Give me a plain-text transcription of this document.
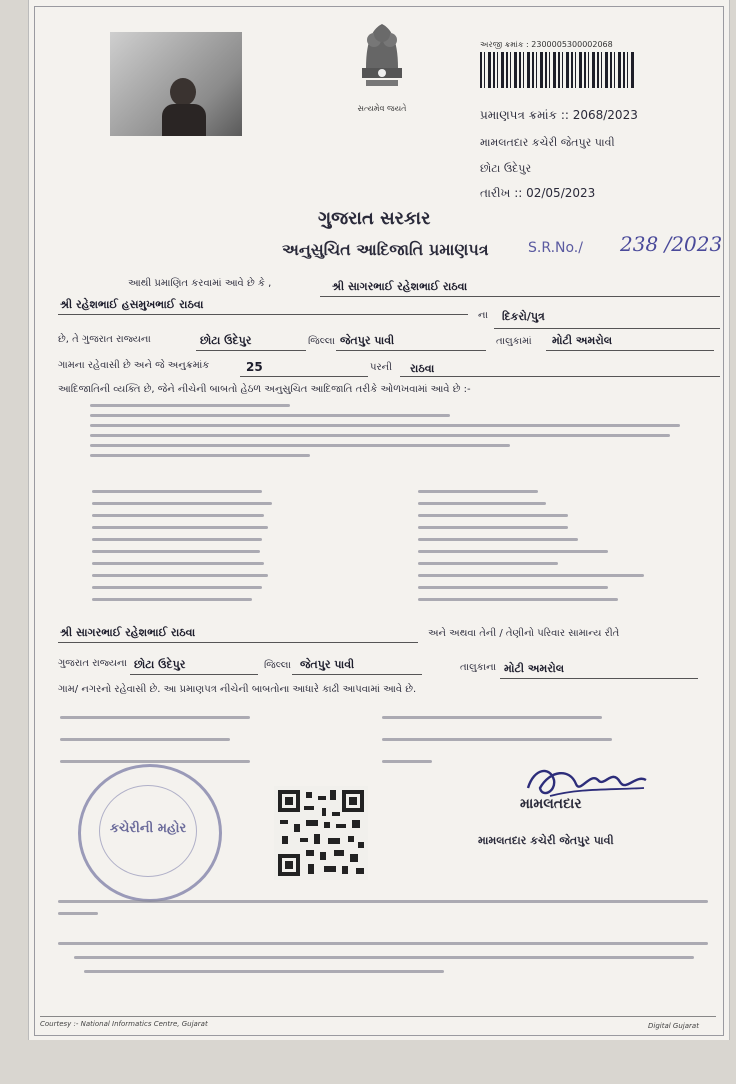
સત્યમેવ જયતે
અરજી ક્રમાંક : 2300005300002068
પ્રમાણપત્ર ક્રમાંક :: 2068/2023
મામલતદાર કચેરી જેતપુર પાવી
છોટા ઉદેપુર
તારીખ :: 02/05/2023
ગુજરાત સરકાર
અનુસુચિત આદિજાતિ પ્રમાણપત્ર	S.R.No./ 238 /2023
આથી પ્રમાણિત કરવામાં આવે છે કે ,	શ્રી સાગરભાઈ રહેશભાઈ રાઠવા
શ્રી રહેશભાઈ હસમુખભાઈ રાઠવા
ના દિકરો/પુત્ર
છે, તે ગુજરાત રાજ્યના	છોટા ઉદેપુર	જિલ્લા જેતપુર પાવી	તાલુકામાં મોટી અમરોલ
ગામના રહેવાસી છે અને જે અનુક્રમાંક	25	પરની રાઠવા
આદિજાતિની વ્યક્તિ છે, જેને નીચેની બાબતો હેઠળ અનુસુચિત આદિજાતિ તરીકે ઓળખવામાં આવે છે :-
શ્રી સાગરભાઈ રહેશભાઈ રાઠવા	અને અથવા તેની / તેણીનો પરિવાર સામાન્ય રીતે
ગુજરાત રાજ્યના છોટા ઉદેપુર	જિલ્લા જેતપુર પાવી	તાલુકાના મોટી અમરોલ
ગામ/ નગરનો રહેવાસી છે. આ પ્રમાણપત્ર નીચેની બાબતોના આધારે કાઢી આપવામાં આવે છે.
કચેરીની મહોર
મામલતદાર
મામલતદાર કચેરી જેતપુર પાવી
Courtesy :- National Informatics Centre, Gujarat	Digital Gujarat
